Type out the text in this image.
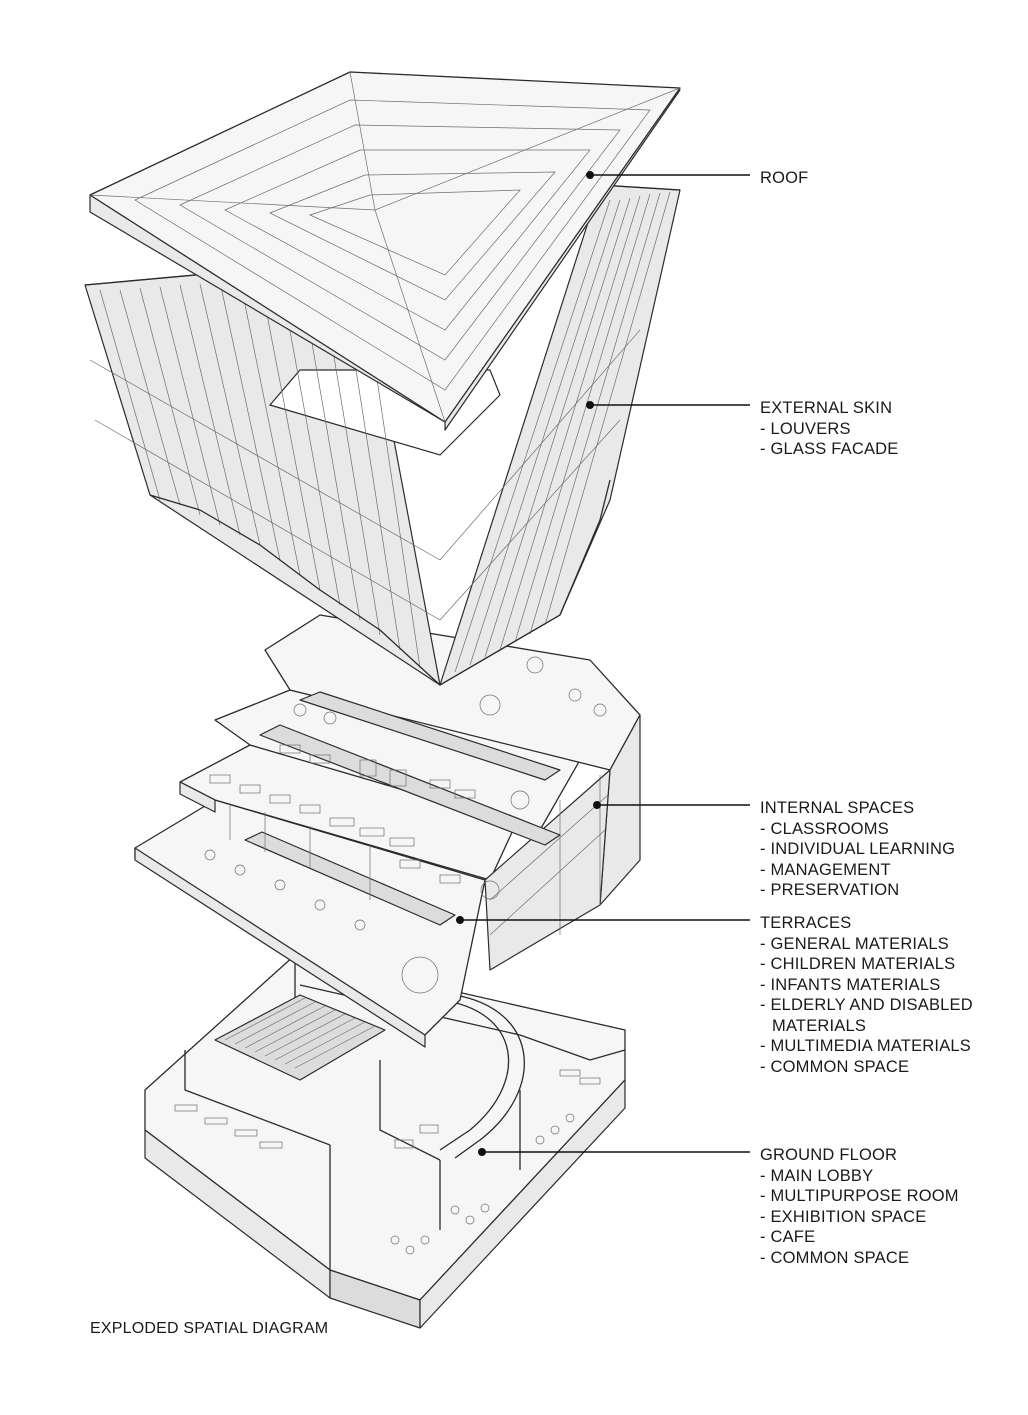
ROOF
EXTERNAL SKIN
- LOUVERS
- GLASS FACADE
INTERNAL SPACES
- CLASSROOMS
- INDIVIDUAL LEARNING
- MANAGEMENT
- PRESERVATION
TERRACES
- GENERAL MATERIALS
- CHILDREN MATERIALS
- INFANTS MATERIALS
- ELDERLY AND DISABLED
MATERIALS
- MULTIMEDIA MATERIALS
- COMMON SPACE
GROUND FLOOR
- MAIN LOBBY
- MULTIPURPOSE ROOM
- EXHIBITION SPACE
- CAFE
- COMMON SPACE
EXPLODED SPATIAL DIAGRAM
